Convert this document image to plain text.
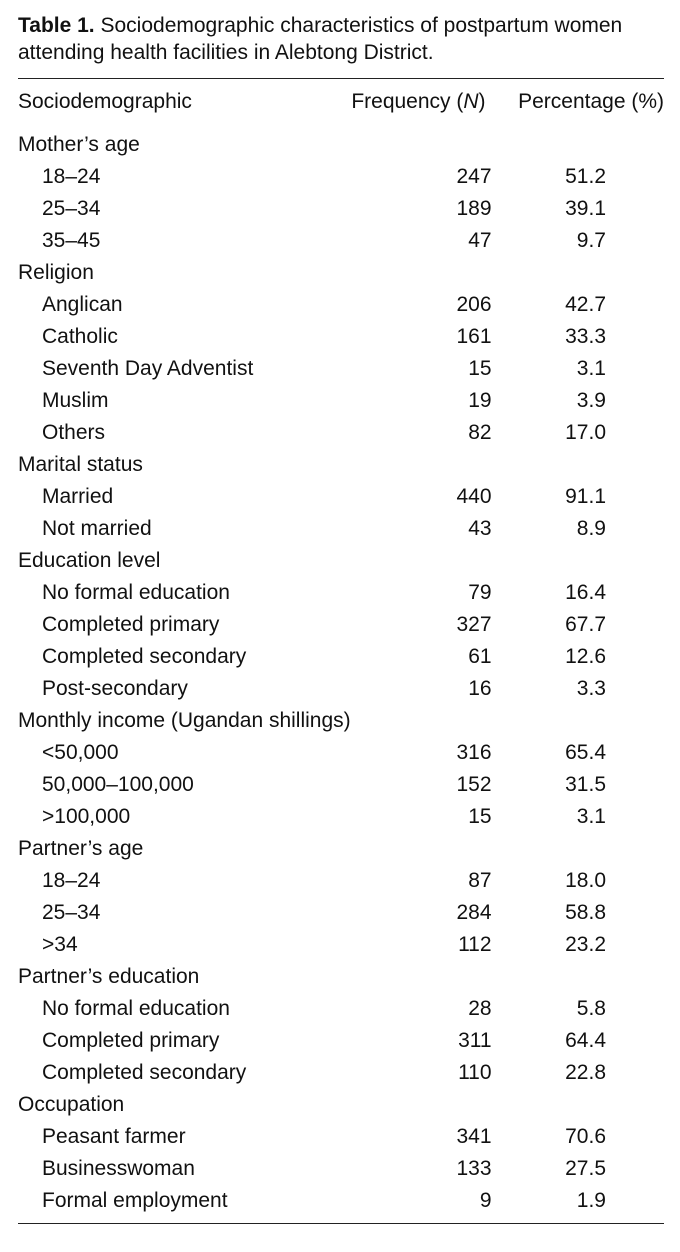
Table 1. Sociodemographic characteristics of postpartum women attending health facilities in Alebtong District.
Sociodemographic	Frequency (N)	Percentage (%)
Mother’s age		
18–24	247	51.2
25–34	189	39.1
35–45	47	9.7
Religion		
Anglican	206	42.7
Catholic	161	33.3
Seventh Day Adventist	15	3.1
Muslim	19	3.9
Others	82	17.0
Marital status		
Married	440	91.1
Not married	43	8.9
Education level		
No formal education	79	16.4
Completed primary	327	67.7
Completed secondary	61	12.6
Post-secondary	16	3.3
Monthly income (Ugandan shillings)		
<50,000	316	65.4
50,000–100,000	152	31.5
>100,000	15	3.1
Partner’s age		
18–24	87	18.0
25–34	284	58.8
>34	112	23.2
Partner’s education		
No formal education	28	5.8
Completed primary	311	64.4
Completed secondary	110	22.8
Occupation		
Peasant farmer	341	70.6
Businesswoman	133	27.5
Formal employment	9	1.9
